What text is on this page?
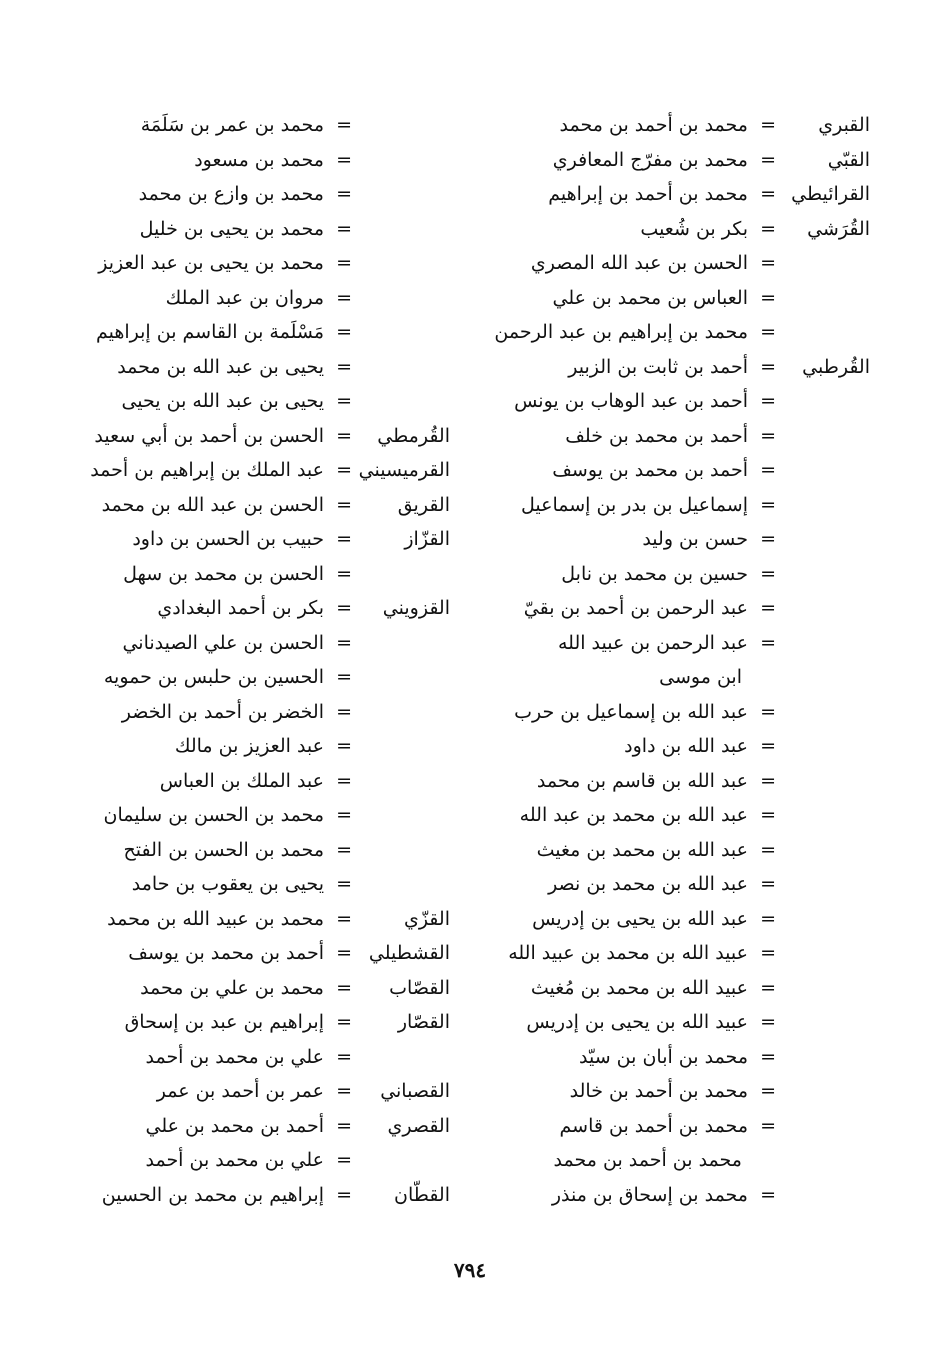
القبري
=
محمد بن أحمد بن محمد
القبّي
=
محمد بن مفرّج المعافري
القرائيطي
=
محمد بن أحمد بن إبراهيم
القُرَشي
=
بكر بن شُعيب
=
الحسن بن عبد الله المصري
=
العباس بن محمد بن علي
=
محمد بن إبراهيم بن عبد الرحمن
القُرطبي
=
أحمد بن ثابت بن الزبير
=
أحمد بن عبد الوهاب بن يونس
=
أحمد بن محمد بن خلف
=
أحمد بن محمد بن يوسف
=
إسماعيل بن بدر بن إسماعيل
=
حسن بن وليد
=
حسين بن محمد بن نابل
=
عبد الرحمن بن أحمد بن بقيّ
=
عبد الرحمن بن عبيد الله
ابن موسى
=
عبد الله بن إسماعيل بن حرب
=
عبد الله بن داود
=
عبد الله بن قاسم بن محمد
=
عبد الله بن محمد بن عبد الله
=
عبد الله بن محمد بن مغيث
=
عبد الله بن محمد بن نصر
=
عبد الله بن يحيى بن إدريس
=
عبيد الله بن محمد بن عبيد الله
=
عبيد الله بن محمد بن مُغيث
=
عبيد الله بن يحيى بن إدريس
=
محمد بن أبان بن سيّد
=
محمد بن أحمد بن خالد
=
محمد بن أحمد بن قاسم
محمد بن أحمد بن محمد
=
محمد بن إسحاق بن منذر
=
محمد بن عمر بن سَلَمَة
=
محمد بن مسعود
=
محمد بن وازع بن محمد
=
محمد بن يحيى بن خليل
=
محمد بن يحيى بن عبد العزيز
=
مروان بن عبد الملك
=
مَسْلَمة بن القاسم بن إبراهيم
=
يحيى بن عبد الله بن محمد
=
يحيى بن عبد الله بن يحيى
القُرمطي
=
الحسن بن أحمد بن أبي سعيد
القرميسيني
=
عبد الملك بن إبراهيم بن أحمد
القريق
=
الحسن بن عبد الله بن محمد
القزّاز
=
حبيب بن الحسن بن داود
=
الحسن بن محمد بن سهل
القزويني
=
بكر بن أحمد البغدادي
=
الحسن بن علي الصيدناني
=
الحسين بن حلبس بن حمويه
=
الخضر بن أحمد بن الخضر
=
عبد العزيز بن مالك
=
عبد الملك بن العباس
=
محمد بن الحسن بن سليمان
=
محمد بن الحسن بن الفتح
=
يحيى بن يعقوب بن حامد
القزّي
=
محمد بن عبيد الله بن محمد
القشطيلي
=
أحمد بن محمد بن يوسف
القصّاب
=
محمد بن علي بن محمد
القصّار
=
إبراهيم بن عبد بن إسحاق
=
علي بن محمد بن أحمد
القصباني
=
عمر بن أحمد بن عمر
القصري
=
أحمد بن محمد بن علي
=
علي بن محمد بن أحمد
القطّان
=
إبراهيم بن محمد بن الحسين
٧٩٤
